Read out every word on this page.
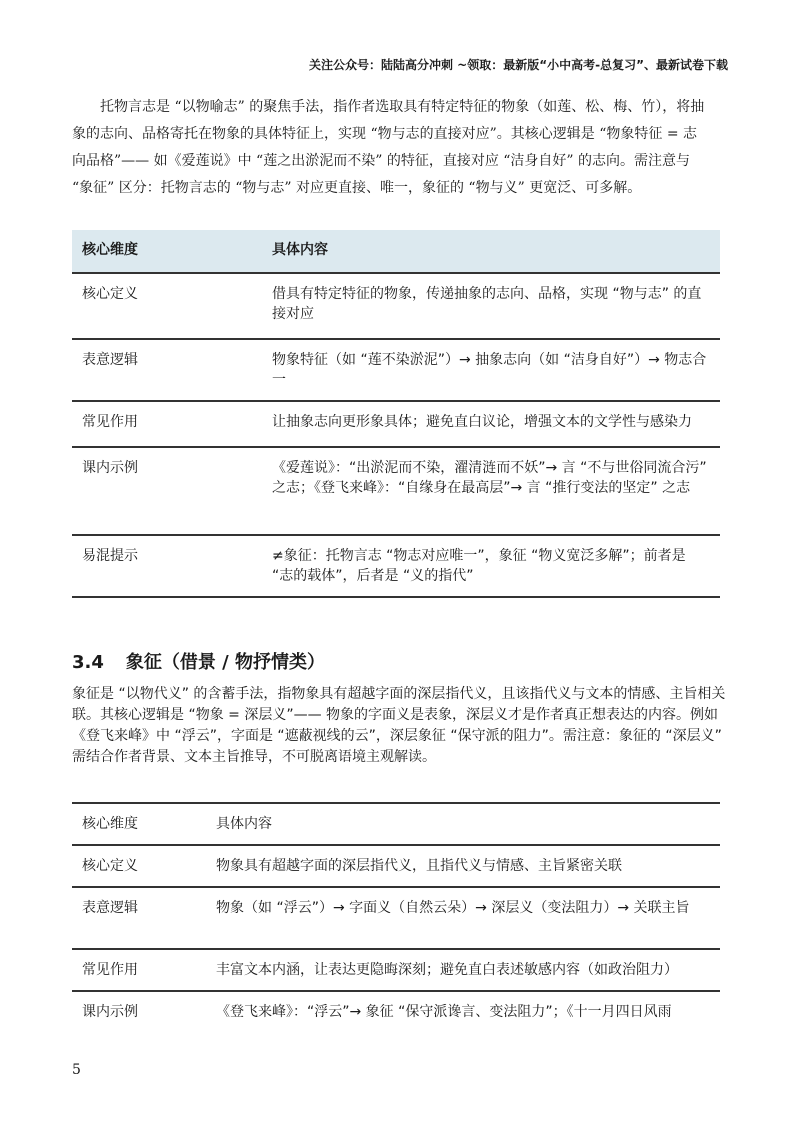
关注公众号：陆陆高分冲刺 ~领取：最新版“小中高考-总复习”、最新试卷下载

托物言志是 “以物喻志” 的聚焦手法，指作者选取具有特定特征的物象（如莲、松、梅、竹），将抽象的志向、品格寄托在物象的具体特征上，实现 “物与志的直接对应”。其核心逻辑是 “物象特征 = 志向品格”—— 如《爱莲说》中 “莲之出淤泥而不染” 的特征，直接对应 “洁身自好” 的志向。需注意与 “象征” 区分：托物言志的 “物与志” 对应更直接、唯一，象征的 “物与义” 更宽泛、可多解。

核心维度	具体内容
核心定义	借具有特定特征的物象，传递抽象的志向、品格，实现 “物与志” 的直接对应
表意逻辑	物象特征（如 “莲不染淤泥”）→ 抽象志向（如 “洁身自好”）→ 物志合一
常见作用	让抽象志向更形象具体；避免直白议论，增强文本的文学性与感染力
课内示例	《爱莲说》：“出淤泥而不染，濯清涟而不妖”→ 言 “不与世俗同流合污” 之志；《登飞来峰》：“自缘身在最高层”→ 言 “推行变法的坚定” 之志
易混提示	≠象征：托物言志 “物志对应唯一”，象征 “物义宽泛多解”；前者是 “志的载体”，后者是 “义的指代”
3.4 象征（借景 / 物抒情类）

象征是 “以物代义” 的含蓄手法，指物象具有超越字面的深层指代义，且该指代义与文本的情感、主旨相关联。其核心逻辑是 “物象 = 深层义”—— 物象的字面义是表象，深层义才是作者真正想表达的内容。例如《登飞来峰》中 “浮云”，字面是 “遮蔽视线的云”，深层象征 “保守派的阻力”。需注意：象征的 “深层义” 需结合作者背景、文本主旨推导，不可脱离语境主观解读。

核心维度	具体内容
核心定义	物象具有超越字面的深层指代义，且指代义与情感、主旨紧密关联
表意逻辑	物象（如 “浮云”）→ 字面义（自然云朵）→ 深层义（变法阻力）→ 关联主旨
常见作用	丰富文本内涵，让表达更隐晦深刻；避免直白表述敏感内容（如政治阻力）
课内示例	《登飞来峰》：“浮云”→ 象征 “保守派谗言、变法阻力”；《十一月四日风雨
5
